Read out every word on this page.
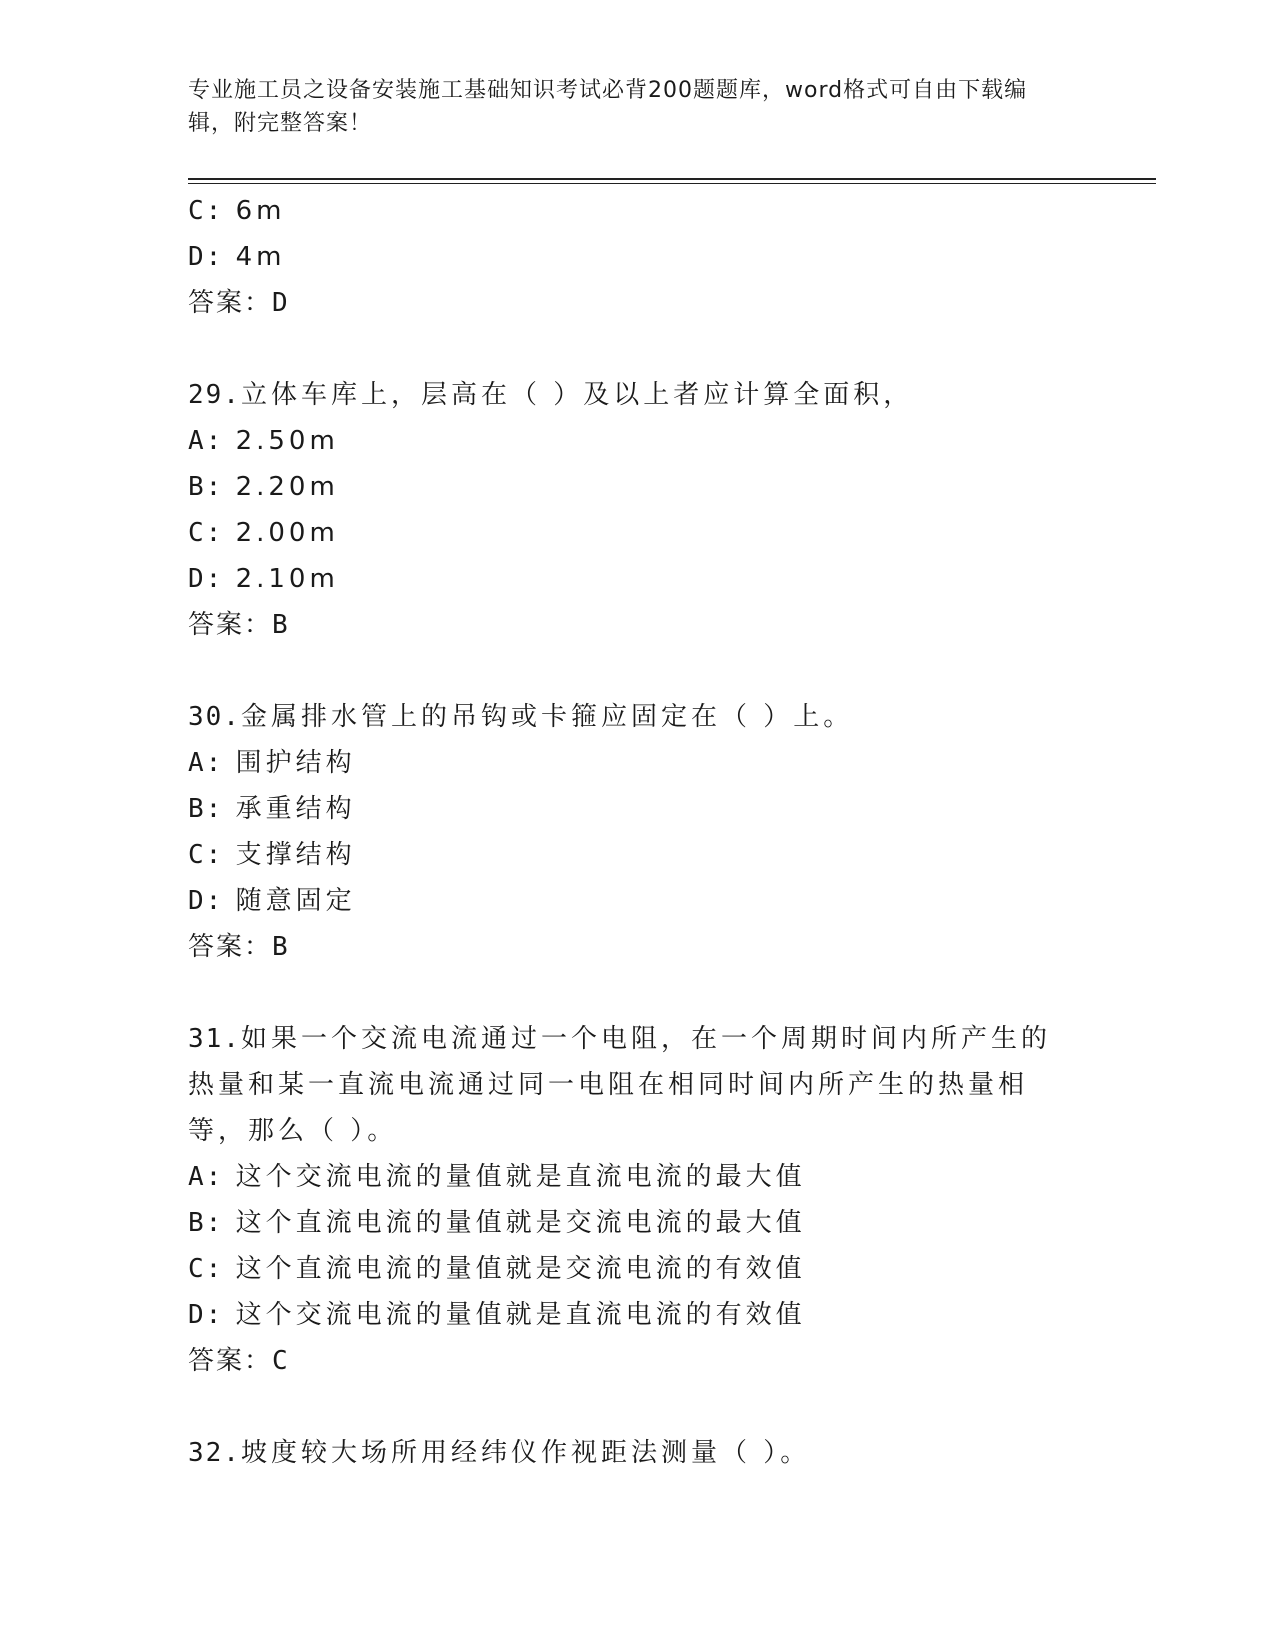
专业施工员之设备安装施工基础知识考试必背200题题库，word格式可自由下载编辑，附完整答案！
C: 6m
D: 4m
答案：D
29.立体车库上，层高在（ ）及以上者应计算全面积，
A: 2.50m
B: 2.20m
C: 2.00m
D: 2.10m
答案：B
30.金属排水管上的吊钩或卡箍应固定在（ ）上。
A: 围护结构
B: 承重结构
C: 支撑结构
D: 随意固定
答案：B
31.如果一个交流电流通过一个电阻，在一个周期时间内所产生的热量和某一直流电流通过同一电阻在相同时间内所产生的热量相等，那么（ ）。
A: 这个交流电流的量值就是直流电流的最大值
B: 这个直流电流的量值就是交流电流的最大值
C: 这个直流电流的量值就是交流电流的有效值
D: 这个交流电流的量值就是直流电流的有效值
答案：C
32.坡度较大场所用经纬仪作视距法测量（ ）。
